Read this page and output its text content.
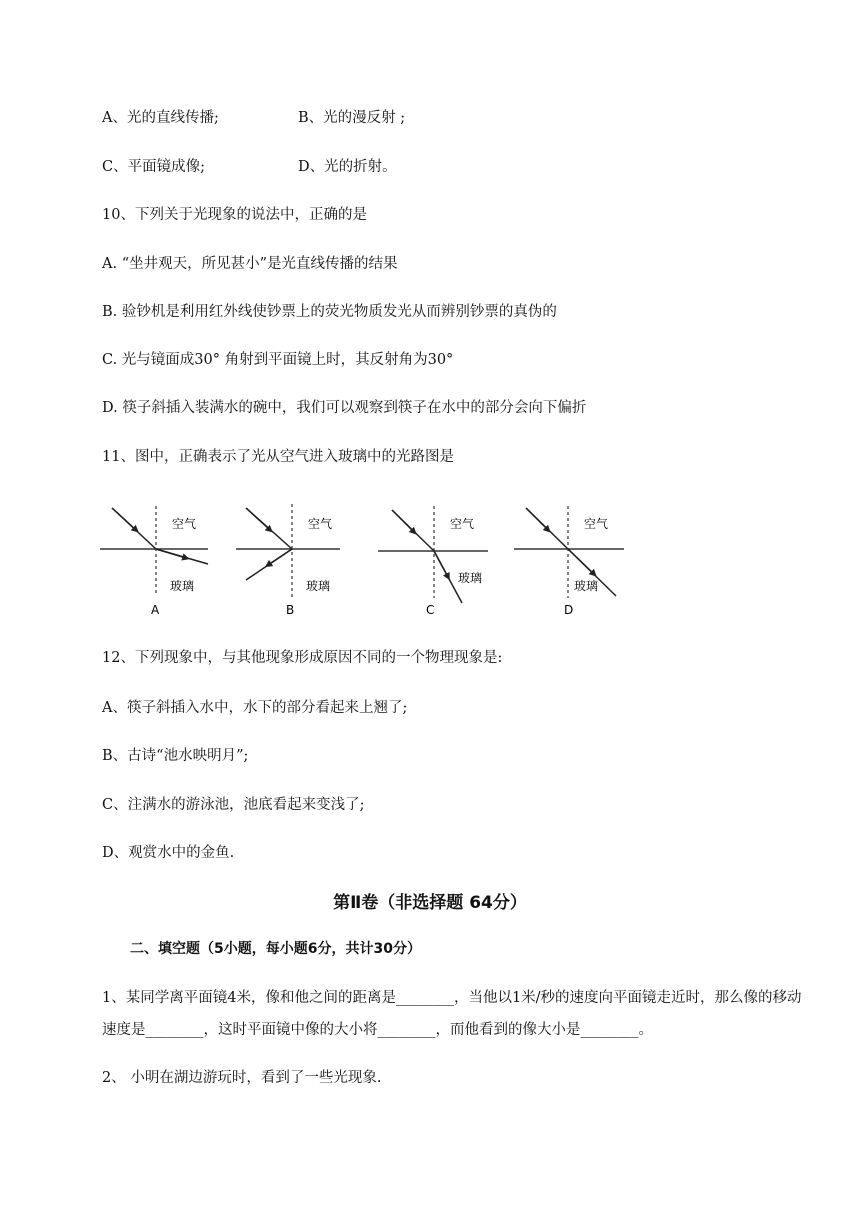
A、光的直线传播;	B、光的漫反射 ;
C、平面镜成像;	D、光的折射。
10、下列关于光现象的说法中，正确的是
A. “坐井观天，所见甚小”是光直线传播的结果
B. 验钞机是利用红外线使钞票上的荧光物质发光从而辨别钞票的真伪的
C. 光与镜面成30° 角射到平面镜上时，其反射角为30°
D. 筷子斜插入装满水的碗中，我们可以观察到筷子在水中的部分会向下偏折
11、图中，正确表示了光从空气进入玻璃中的光路图是
空气
玻璃
A
空气
玻璃
B
空气
玻璃
C
空气
玻璃
D
12、下列现象中，与其他现象形成原因不同的一个物理现象是:
A、筷子斜插入水中，水下的部分看起来上翘了;
B、古诗“池水映明月”;
C、注满水的游泳池，池底看起来变浅了;
D、观赏水中的金鱼.
第Ⅱ卷（非选择题 64分）
二、填空题（5小题，每小题6分，共计30分）
1、某同学离平面镜4米，像和他之间的距离是________，当他以1米/秒的速度向平面镜走近时，那么像的移动速度是________，这时平面镜中像的大小将________，而他看到的像大小是________。
2、 小明在湖边游玩时，看到了一些光现象.
